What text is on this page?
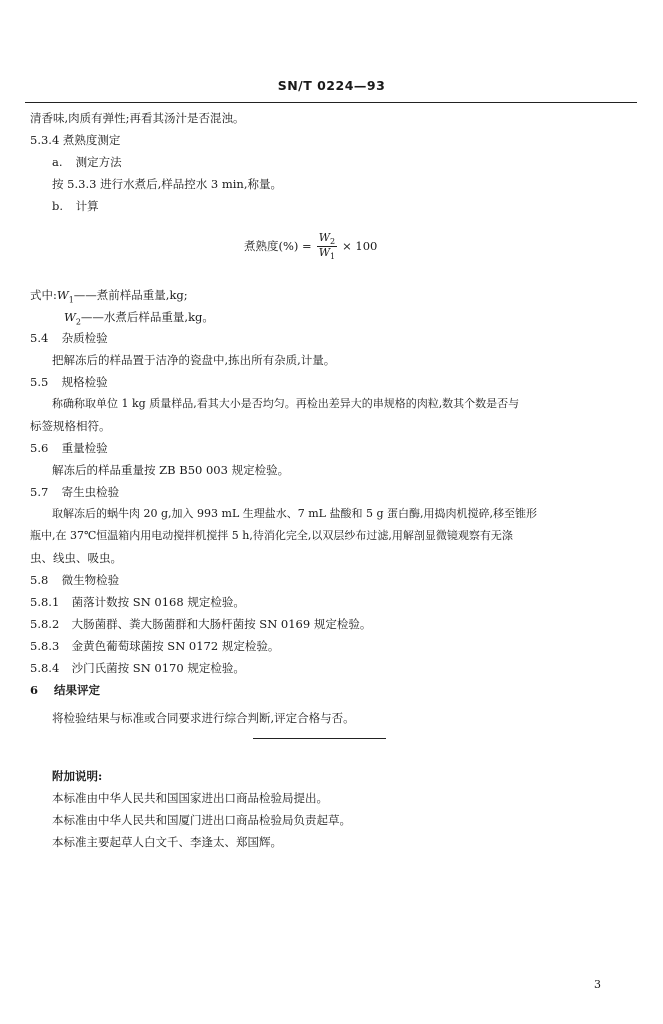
SN/T 0224—93
清香味,肉质有弹性;再看其汤汁是否混浊。
5.3.4 煮熟度测定
a. 测定方法
按 5.3.3 进行水煮后,样品控水 3 min,称量。
b. 计算
煮熟度(%) = $\frac{W_2}{W_1} \times 100$
式中$:W_1——$煮前样品重量,kg;
$W_2——$水煮后样品重量,kg。
5.4 杂质检验
把解冻后的样品置于洁净的瓷盘中,拣出所有杂质,计量。
5.5 规格检验
称确称取单位 1 kg 质量样品,看其大小是否均匀。再检出差异大的串规格的肉粒,数其个数是否与
标签规格相符。
5.6 重量检验
解冻后的样品重量按 ZB B50 003 规定检验。
5.7 寄生虫检验
取解冻后的蜗牛肉 20 g,加入 993 mL 生理盐水、7 mL 盐酸和 5 g 蛋白酶,用捣肉机搅碎,移至锥形
瓶中,在 37℃恒温箱内用电动搅拌机搅拌 5 h,待消化完全,以双层纱布过滤,用解剖显微镜观察有无涤
虫、线虫、吸虫。
5.8 微生物检验
5.8.1 菌落计数按 SN 0168 规定检验。
5.8.2 大肠菌群、粪大肠菌群和大肠杆菌按 SN 0169 规定检验。
5.8.3 金黄色葡萄球菌按 SN 0172 规定检验。
5.8.4 沙门氏菌按 SN 0170 规定检验。
6 结果评定
将检验结果与标准或合同要求进行综合判断,评定合格与否。
附加说明:
本标准由中华人民共和国国家进出口商品检验局提出。
本标准由中华人民共和国厦门进出口商品检验局负责起草。
本标准主要起草人白文千、李逢太、郑国辉。
3
